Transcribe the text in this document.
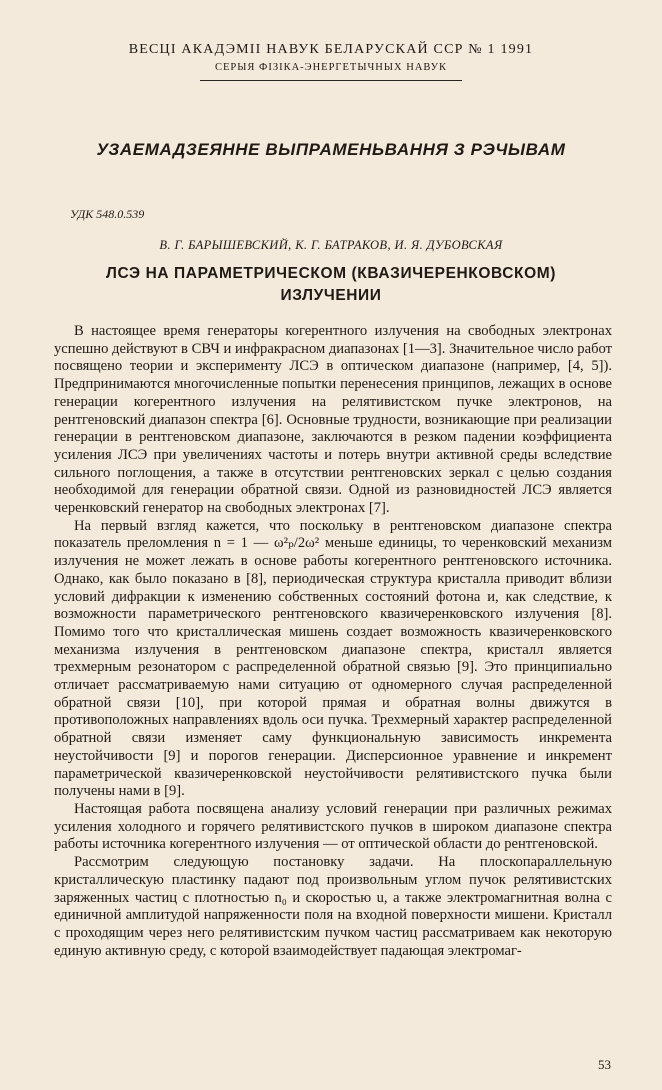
ВЕСЦІ АКАДЭМІІ НАВУК БЕЛАРУСКАЙ ССР № 1 1991
СЕРЫЯ ФІЗІКА-ЭНЕРГЕТЫЧНЫХ НАВУК
УЗАЕМАДЗЕЯННЕ ВЫПРАМЕНЬВАННЯ З РЭЧЫВАМ
УДК 548.0.539
В. Г. БАРЫШЕВСКИЙ, К. Г. БАТРАКОВ, И. Я. ДУБОВСКАЯ
ЛСЭ НА ПАРАМЕТРИЧЕСКОМ (КВАЗИЧЕРЕНКОВСКОМ)
ИЗЛУЧЕНИИ

В настоящее время генераторы когерентного излучения на свободных электронах успешно действуют в СВЧ и инфракрасном диапазонах [1—3]. Значительное число работ посвящено теории и эксперименту ЛСЭ в оптическом диапазоне (например, [4, 5]). Предпринимаются многочисленные попытки перенесения принципов, лежащих в основе генерации когерентного излучения на релятивистском пучке электронов, на рентгеновский диапазон спектра [6]. Основные трудности, возникающие при реализации генерации в рентгеновском диапазоне, заключаются в резком падении коэффициента усиления ЛСЭ при увеличениях частоты и потерь внутри активной среды вследствие сильного поглощения, а также в отсутствии рентгеновских зеркал с целью создания необходимой для генерации обратной связи. Одной из разновидностей ЛСЭ является черенковский генератор на свободных электронах [7].

На первый взгляд кажется, что поскольку в рентгеновском диапазоне спектра показатель преломления n = 1 — ω²ₚ/2ω² меньше единицы, то черенковский механизм излучения не может лежать в основе работы когерентного рентгеновского источника. Однако, как было показано в [8], периодическая структура кристалла приводит вблизи условий дифракции к изменению собственных состояний фотона и, как следствие, к возможности параметрического рентгеновского квазичеренковского излучения [8]. Помимо того что кристаллическая мишень создает возможность квазичеренковского механизма излучения в рентгеновском диапазоне спектра, кристалл является трехмерным резонатором с распределенной обратной связью [9]. Это принципиально отличает рассматриваемую нами ситуацию от одномерного случая распределенной обратной связи [10], при которой прямая и обратная волны движутся в противоположных направлениях вдоль оси пучка. Трехмерный характер распределенной обратной связи изменяет саму функциональную зависимость инкремента неустойчивости [9] и порогов генерации. Дисперсионное уравнение и инкремент параметрической квазичеренковской неустойчивости релятивистского пучка были получены нами в [9].

Настоящая работа посвящена анализу условий генерации при различных режимах усиления холодного и горячего релятивистского пучков в широком диапазоне спектра работы источника когерентного излучения — от оптической области до рентгеновской.

Рассмотрим следующую постановку задачи. На плоскопараллельную кристаллическую пластинку падают под произвольным углом пучок релятивистских заряженных частиц с плотностью n₀ и скоростью u, а также электромагнитная волна с единичной амплитудой напряженности поля на входной поверхности мишени. Кристалл с проходящим через него релятивистским пучком частиц рассматриваем как некоторую единую активную среду, с которой взаимодействует падающая электромаг-

53
